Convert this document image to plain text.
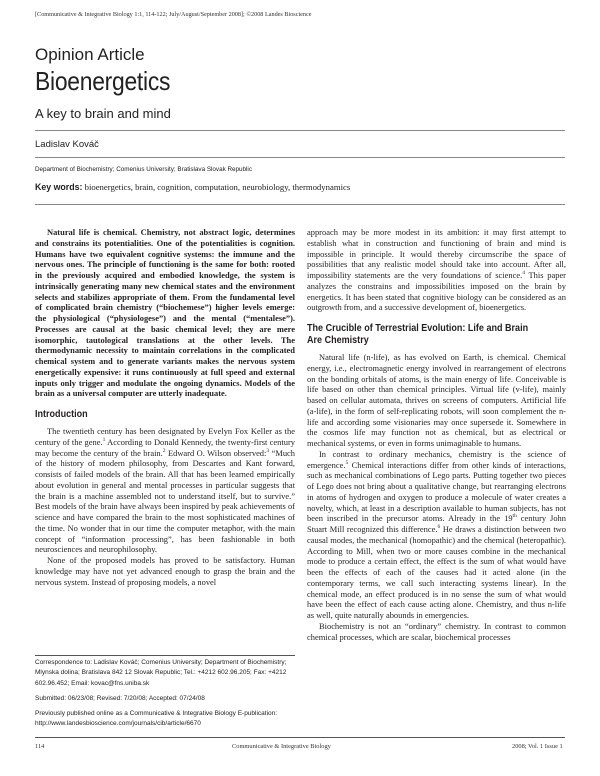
[Communicative & Integrative Biology 1:1, 114-122; July/August/September 2008]; ©2008 Landes Bioscience
Opinion Article
Bioenergetics
A key to brain and mind
Ladislav Kováč
Department of Biochemistry; Comenius University; Bratislava Slovak Republic
Key words: bioenergetics, brain, cognition, computation, neurobiology, thermodynamics

Natural life is chemical. Chemistry, not abstract logic, determines and constrains its potentialities. One of the potentialities is cognition. Humans have two equivalent cognitive systems: the immune and the nervous ones. The principle of functioning is the same for both: rooted in the previously acquired and embodied knowledge, the system is intrinsically generating many new chemical states and the environment selects and stabilizes appropriate of them. From the fundamental level of complicated brain chemistry (“biochemese”) higher levels emerge: the physiological (“physiologese”) and the mental (“mentalese”). Processes are causal at the basic chemical level; they are mere isomorphic, tautological translations at the other levels. The thermodynamic necessity to maintain correlations in the complicated chemical system and to generate variants makes the nervous system energetically expensive: it runs continuously at full speed and external inputs only trigger and modulate the ongoing dynamics. Models of the brain as a universal computer are utterly inadequate.

Introduction

The twentieth century has been designated by Evelyn Fox Keller as the century of the gene.$^1$ According to Donald Kennedy, the twenty-first century may become the century of the brain.$^2$ Edward O. Wilson observed:$^3$ “Much of the history of modern philosophy, from Descartes and Kant forward, consists of failed models of the brain. All that has been learned empirically about evolution in general and mental processes in particular suggests that the brain is a machine assembled not to understand itself, but to survive.” Best models of the brain have always been inspired by peak achievements of science and have compared the brain to the most sophisticated machines of the time. No wonder that in our time the computer metaphor, with the main concept of “information processing”, has been fashionable in both neurosciences and neurophilosophy.

None of the proposed models has proved to be satisfactory. Human knowledge may have not yet advanced enough to grasp the brain and the nervous system. Instead of proposing models, a novel

Correspondence to: Ladislav Kováč; Comenius University; Department of Biochemistry; Mlynska dolina; Bratislava 842 12 Slovak Republic; Tel.: +4212 602.96.205; Fax: +4212 602.96.452; Email: kovac@fns.uniba.sk
Submitted: 06/23/08; Revised: 7/20/08; Accepted: 07/24/08
Previously published online as a Communicative & Integrative Biology E-publication: http://www.landesbioscience.com/journals/cib/article/6670

approach may be more modest in its ambition: it may first attempt to establish what in construction and functioning of brain and mind is impossible in principle. It would thereby circumscribe the space of possibilities that any realistic model should take into account. After all, impossibility statements are the very foundations of science.$^4$ This paper analyzes the constrains and impossibilities imposed on the brain by energetics. It has been stated that cognitive biology can be considered as an outgrowth from, and a successive development of, bioenergetics.

The Crucible of Terrestrial Evolution: Life and Brain
Are Chemistry

Natural life (n-life), as has evolved on Earth, is chemical. Chemical energy, i.e., electromagnetic energy involved in rearrangement of electrons on the bonding orbitals of atoms, is the main energy of life. Conceivable is life based on other than chemical principles. Virtual life (v-life), mainly based on cellular automata, thrives on screens of computers. Artificial life (a-life), in the form of self-replicating robots, will soon complement the n-life and according some visionaries may once supersede it. Somewhere in the cosmos life may function not as chemical, but as electrical or mechanical systems, or even in forms unimaginable to humans.

In contrast to ordinary mechanics, chemistry is the science of emergence.$^5$ Chemical interactions differ from other kinds of interactions, such as mechanical combinations of Lego parts. Putting together two pieces of Lego does not bring about a qualitative change, but rearranging electrons in atoms of hydrogen and oxygen to produce a molecule of water creates a novelty, which, at least in a description available to human subjects, has not been inscribed in the precursor atoms. Already in the 19th century John Stuart Mill recognized this difference.$^6$ He draws a distinction between two causal modes, the mechanical (homopathic) and the chemical (heteropathic). According to Mill, when two or more causes combine in the mechanical mode to produce a certain effect, the effect is the sum of what would have been the effects of each of the causes had it acted alone (in the contemporary terms, we call such interacting systems linear). In the chemical mode, an effect produced is in no sense the sum of what would have been the effect of each cause acting alone. Chemistry, and thus n-life as well, quite naturally abounds in emergencies.

Biochemistry is not an “ordinary” chemistry. In contrast to common chemical processes, which are scalar, biochemical processes

114	Communicative & Integrative Biology	2008; Vol. 1 Issue 1
